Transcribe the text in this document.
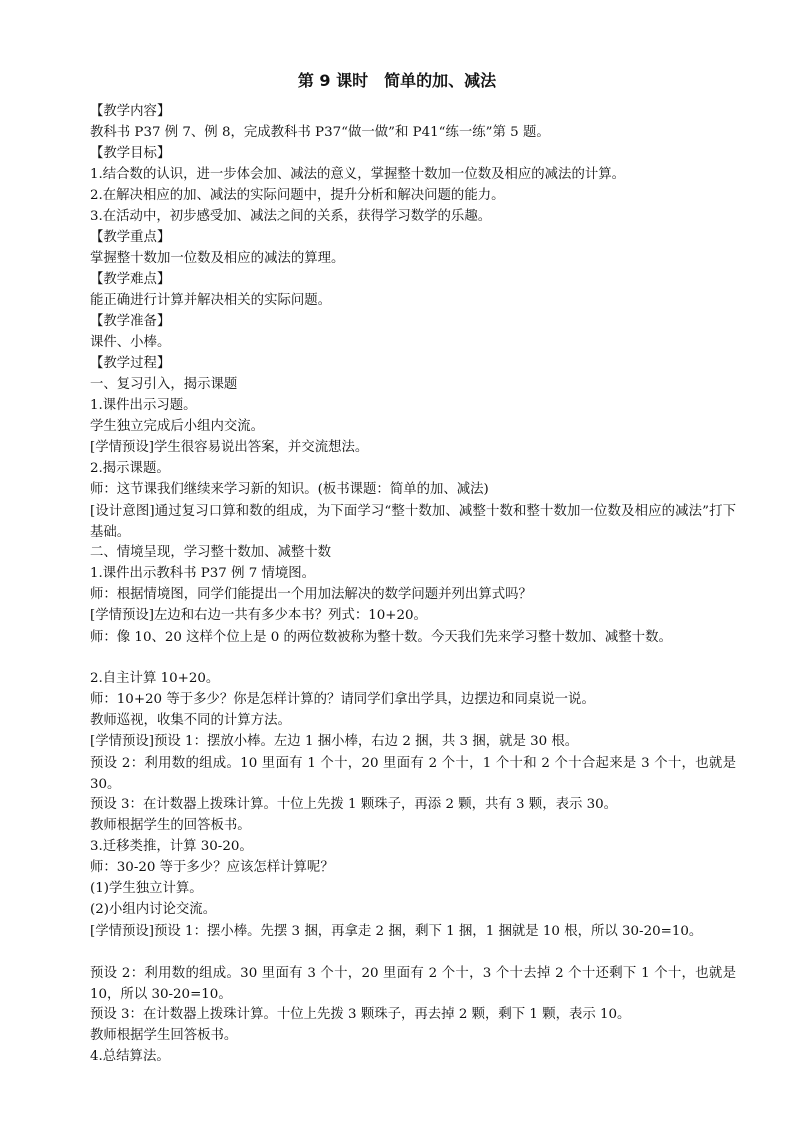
第 9 课时　简单的加、减法
【教学内容】
教科书 P37 例 7、例 8，完成教科书 P37“做一做”和 P41“练一练”第 5 题。
【教学目标】
1.结合数的认识，进一步体会加、减法的意义，掌握整十数加一位数及相应的减法的计算。
2.在解决相应的加、减法的实际问题中，提升分析和解决问题的能力。
3.在活动中，初步感受加、减法之间的关系，获得学习数学的乐趣。
【教学重点】
掌握整十数加一位数及相应的减法的算理。
【教学难点】
能正确进行计算并解决相关的实际问题。
【教学准备】
课件、小棒。
【教学过程】
一、复习引入，揭示课题
1.课件出示习题。
学生独立完成后小组内交流。
[学情预设]学生很容易说出答案，并交流想法。
2.揭示课题。
师：这节课我们继续来学习新的知识。(板书课题：简单的加、减法)
[设计意图]通过复习口算和数的组成，为下面学习“整十数加、减整十数和整十数加一位数及相应的减法”打下基础。
二、情境呈现，学习整十数加、减整十数
1.课件出示教科书 P37 例 7 情境图。
师：根据情境图，同学们能提出一个用加法解决的数学问题并列出算式吗？
[学情预设]左边和右边一共有多少本书？列式：10+20。
师：像 10、20 这样个位上是 0 的两位数被称为整十数。今天我们先来学习整十数加、减整十数。
2.自主计算 10+20。
师：10+20 等于多少？你是怎样计算的？请同学们拿出学具，边摆边和同桌说一说。
教师巡视，收集不同的计算方法。
[学情预设]预设 1：摆放小棒。左边 1 捆小棒，右边 2 捆，共 3 捆，就是 30 根。
预设 2：利用数的组成。10 里面有 1 个十，20 里面有 2 个十，1 个十和 2 个十合起来是 3 个十，也就是 30。
预设 3：在计数器上拨珠计算。十位上先拨 1 颗珠子，再添 2 颗，共有 3 颗，表示 30。
教师根据学生的回答板书。
3.迁移类推，计算 30-20。
师：30-20 等于多少？应该怎样计算呢？
(1)学生独立计算。
(2)小组内讨论交流。
[学情预设]预设 1：摆小棒。先摆 3 捆，再拿走 2 捆，剩下 1 捆，1 捆就是 10 根，所以 30-20=10。
预设 2：利用数的组成。30 里面有 3 个十，20 里面有 2 个十，3 个十去掉 2 个十还剩下 1 个十，也就是 10，所以 30-20=10。
预设 3：在计数器上拨珠计算。十位上先拨 3 颗珠子，再去掉 2 颗，剩下 1 颗，表示 10。
教师根据学生回答板书。
4.总结算法。
